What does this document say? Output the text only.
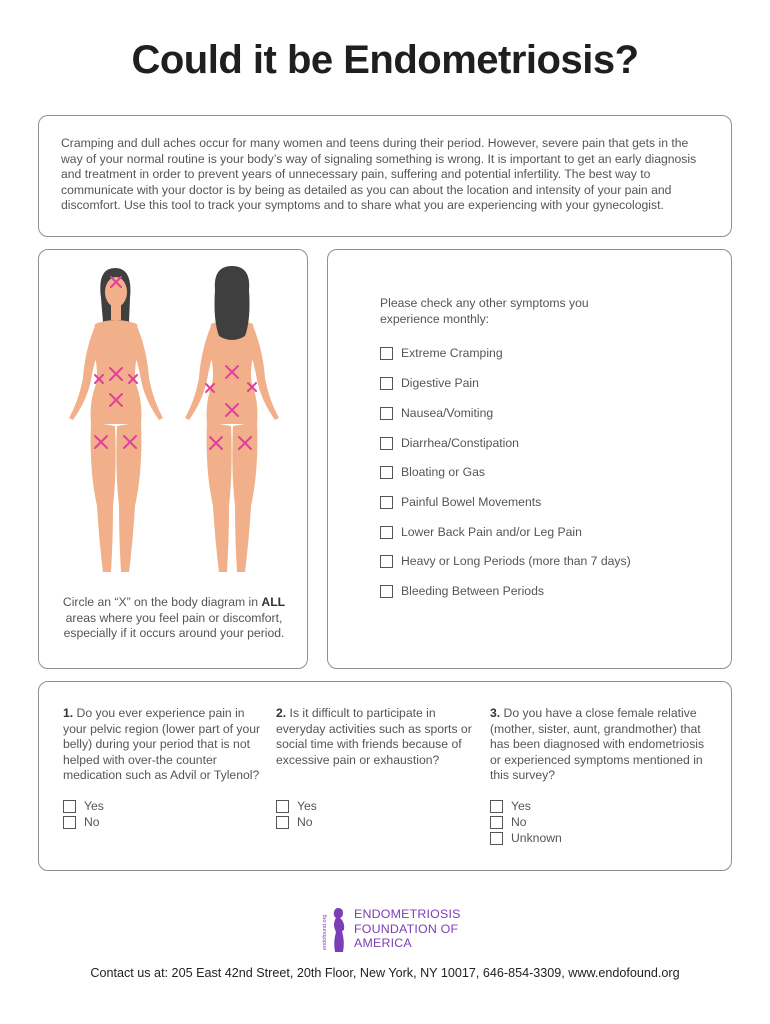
Could it be Endometriosis?

Cramping and dull aches occur for many women and teens during their period. However, severe pain that gets in the way of your normal routine is your body’s way of signaling something is wrong. It is important to get an early diagnosis and treatment in order to prevent years of unnecessary pain, suffering and potential infertility. The best way to communicate with your doctor is by being as detailed as you can about the location and intensity of your pain and discomfort. Use this tool to track your symptoms and to share what you are experiencing with your gynecologist.

Circle an “X” on the body diagram in ALL areas where you feel pain or discomfort, especially if it occurs around your period.
Please check any other symptoms you experience monthly:
Extreme Cramping
Digestive Pain
Nausea/Vomiting
Diarrhea/Constipation
Bloating or Gas
Painful Bowel Movements
Lower Back Pain and/or Leg Pain
Heavy or Long Periods (more than 7 days)
Bleeding Between Periods
1. Do you ever experience pain in your pelvic region (lower part of your belly) during your period that is not helped with over-the counter medication such as Advil or Tylenol?
Yes
No
2. Is it difficult to participate in everyday activities such as sports or social time with friends because of excessive pain or exhaustion?
Yes
No
3. Do you have a close female relative (mother, sister, aunt, grandmother) that has been diagnosed with endometriosis or experienced symptoms mentioned in this survey?
Yes
No
Unknown
endofound.org
ENDOMETRIOSIS
FOUNDATION OF
AMERICA
Contact us at: 205 East 42nd Street, 20th Floor, New York, NY 10017, 646-854-3309, www.endofound.org
